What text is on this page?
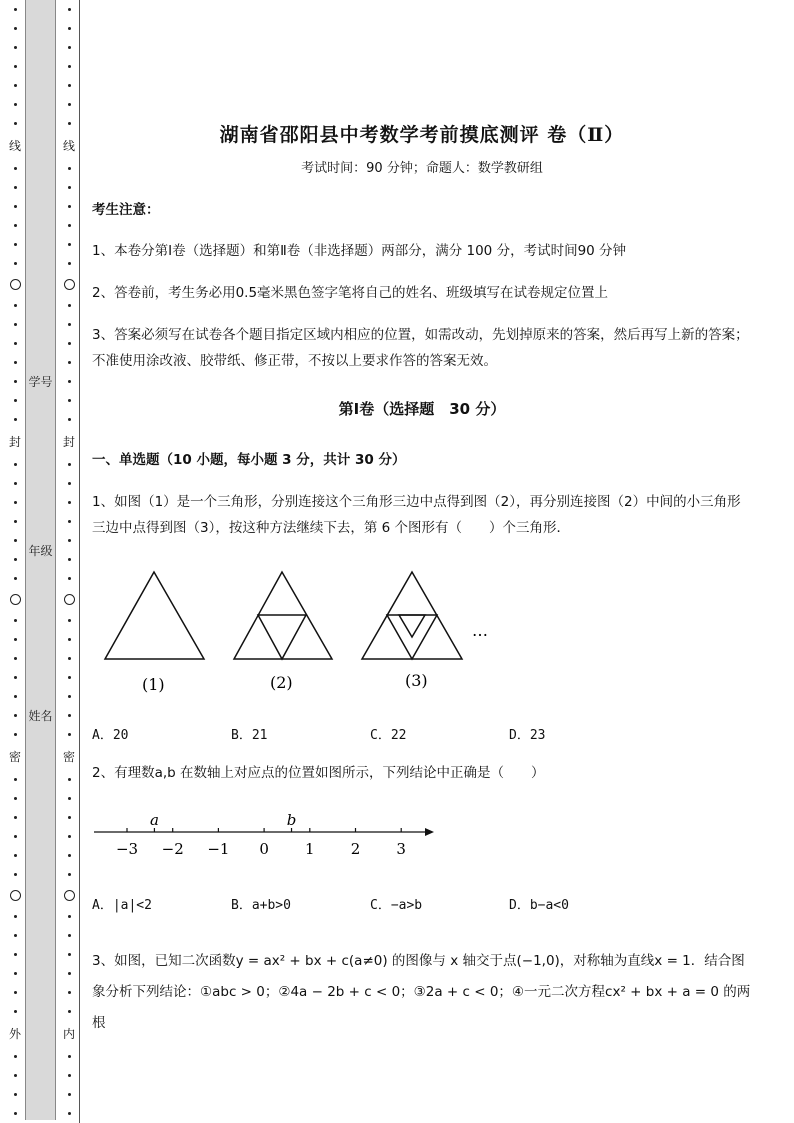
线
封
密
外
学号
年级
姓名
线
封
密
内
湖南省邵阳县中考数学考前摸底测评 卷（Ⅱ）
考试时间：90 分钟；命题人：数学教研组
考生注意：
1、本卷分第Ⅰ卷（选择题）和第Ⅱ卷（非选择题）两部分，满分 100 分，考试时间90 分钟
2、答卷前，考生务必用0.5毫米黑色签字笔将自己的姓名、班级填写在试卷规定位置上
3、答案必须写在试卷各个题目指定区域内相应的位置，如需改动，先划掉原来的答案，然后再写上新的答案；不准使用涂改液、胶带纸、修正带，不按以上要求作答的答案无效。
第Ⅰ卷（选择题　30 分）
一、单选题（10 小题，每小题 3 分，共计 30 分）
1、如图（1）是一个三角形，分别连接这个三角形三边中点得到图（2），再分别连接图（2）中间的小三角形三边中点得到图（3），按这种方法继续下去，第 6 个图形有（　　）个三角形．
(1)	(2)	(3)
…
A．20	B．21	C．22	D．23
2、有理数a,b 在数轴上对应点的位置如图所示，下列结论中正确是（　　）
−3 −2 −1 0 1 2 3
a	b
A．|a|<2	B．a+b>0	C．−a>b	D．b−a<0
3、如图，已知二次函数y = ax² + bx + c(a≠0) 的图像与 x 轴交于点(−1,0)，对称轴为直线x = 1．结合图象分析下列结论：①abc > 0；②4a − 2b + c < 0；③2a + c < 0；④一元二次方程cx² + bx + a = 0 的两根
